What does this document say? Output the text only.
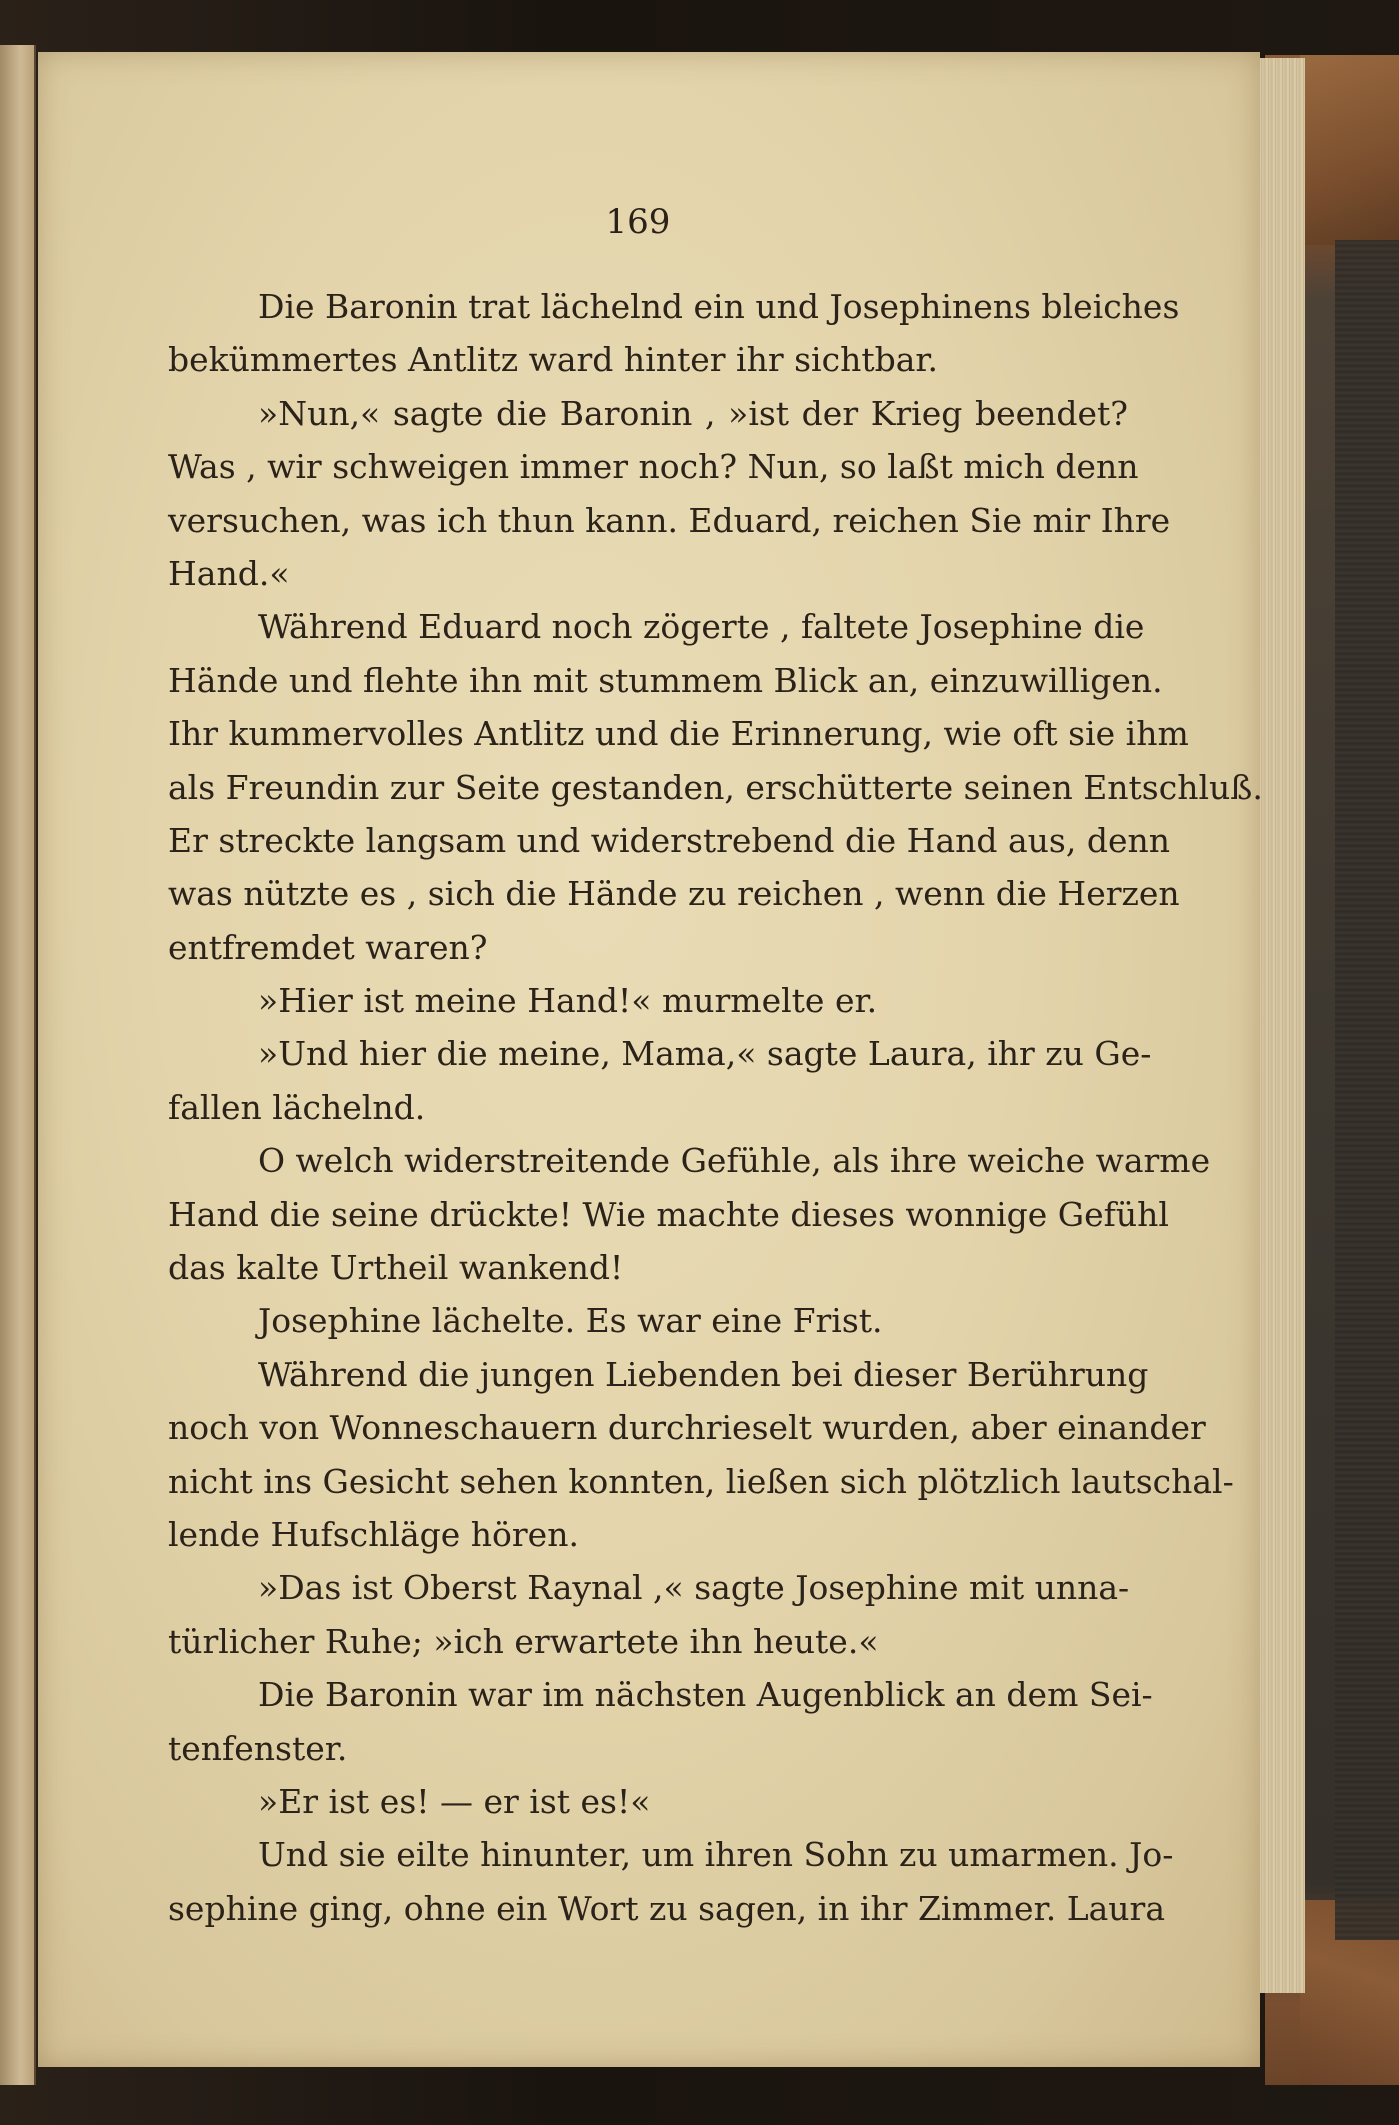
169
Die Baronin trat lächelnd ein und Josephinens bleiches
bekümmertes Antlitz ward hinter ihr sichtbar.
»Nun,« sagte die Baronin , »ist der Krieg beendet?
Was , wir schweigen immer noch? Nun, so laßt mich denn
versuchen, was ich thun kann. Eduard, reichen Sie mir Ihre
Hand.«
Während Eduard noch zögerte , faltete Josephine die
Hände und flehte ihn mit stummem Blick an, einzuwilligen.
Ihr kummervolles Antlitz und die Erinnerung, wie oft sie ihm
als Freundin zur Seite gestanden, erschütterte seinen Entschluß.
Er streckte langsam und widerstrebend die Hand aus, denn
was nützte es , sich die Hände zu reichen , wenn die Herzen
entfremdet waren?
»Hier ist meine Hand!« murmelte er.
»Und hier die meine, Mama,« sagte Laura, ihr zu Ge-
fallen lächelnd.
O welch widerstreitende Gefühle, als ihre weiche warme
Hand die seine drückte! Wie machte dieses wonnige Gefühl
das kalte Urtheil wankend!
Josephine lächelte. Es war eine Frist.
Während die jungen Liebenden bei dieser Berührung
noch von Wonneschauern durchrieselt wurden, aber einander
nicht ins Gesicht sehen konnten, ließen sich plötzlich lautschal-
lende Hufschläge hören.
»Das ist Oberst Raynal ,« sagte Josephine mit unna-
türlicher Ruhe; »ich erwartete ihn heute.«
Die Baronin war im nächsten Augenblick an dem Sei-
tenfenster.
»Er ist es! — er ist es!«
Und sie eilte hinunter, um ihren Sohn zu umarmen. Jo-
sephine ging, ohne ein Wort zu sagen, in ihr Zimmer. Laura
